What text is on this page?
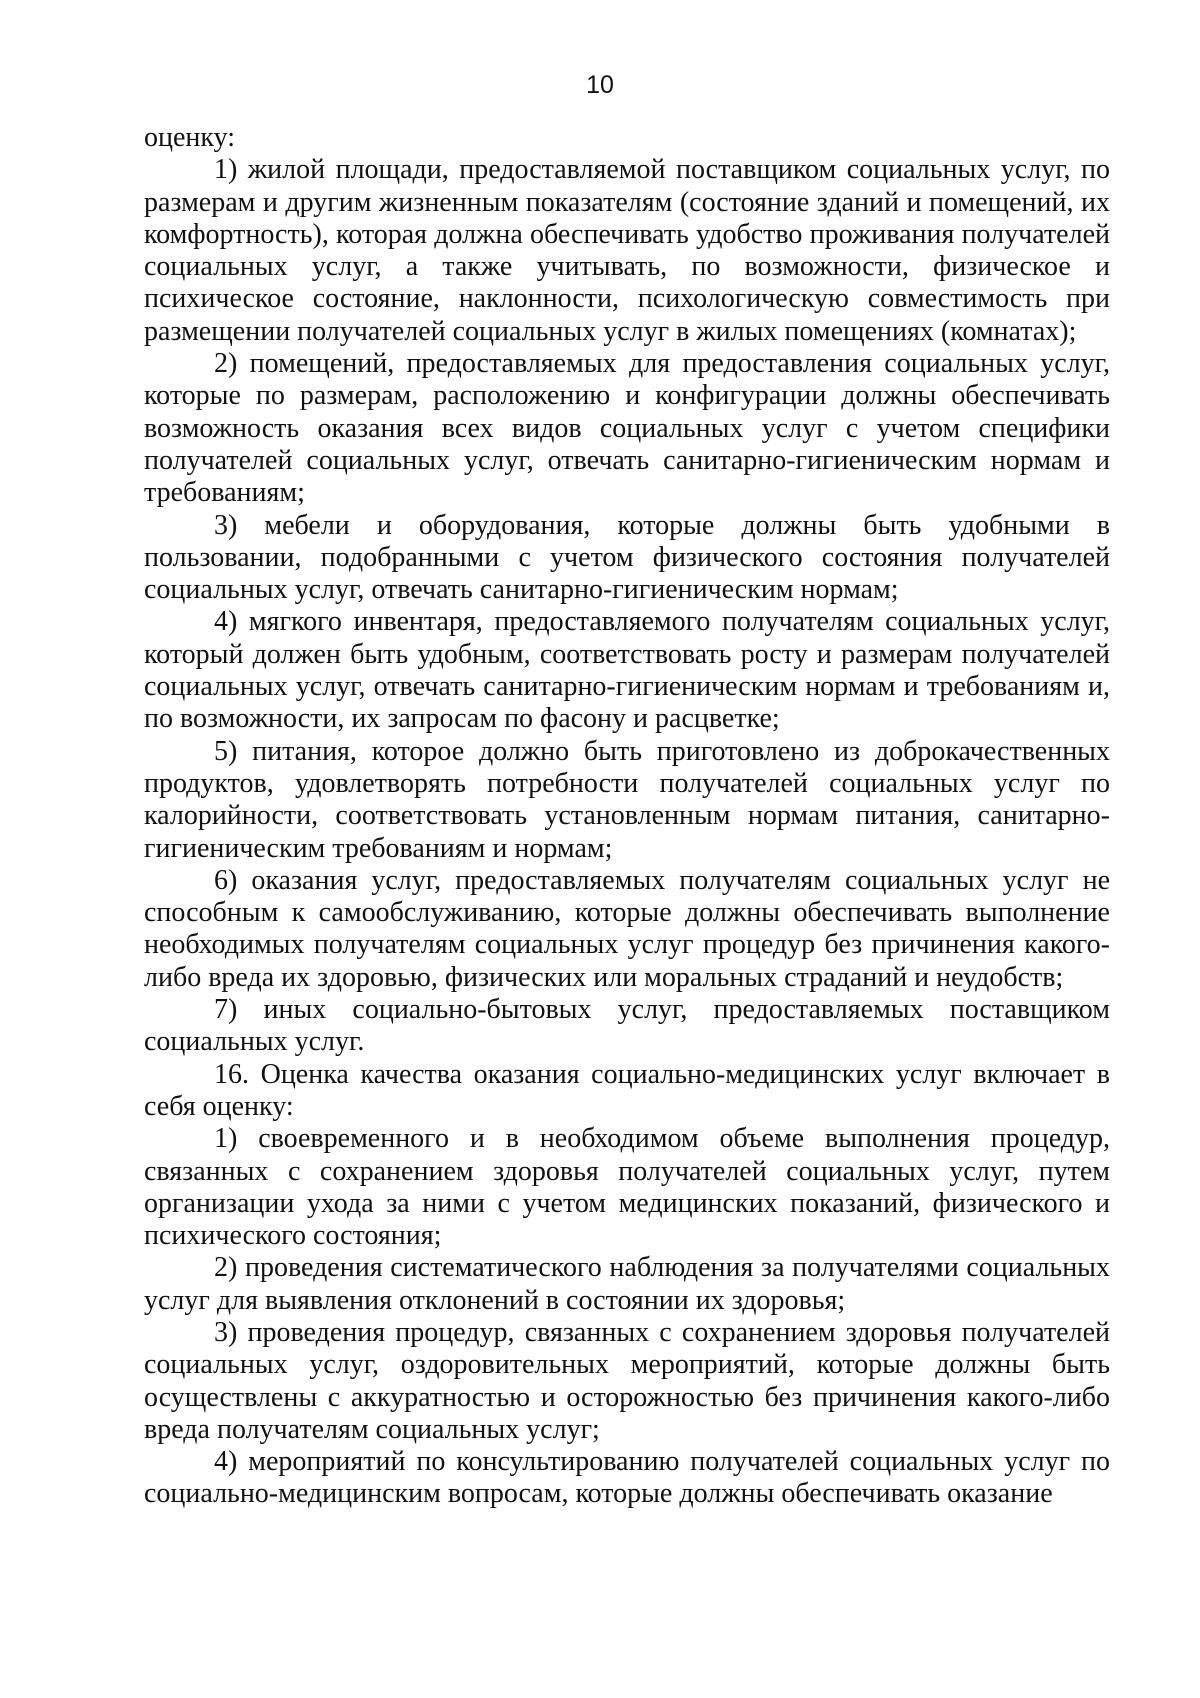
10

оценку:

1) жилой площади, предоставляемой поставщиком социальных услуг, по размерам и другим жизненным показателям (состояние зданий и помещений, их комфортность), которая должна обеспечивать удобство проживания получателей социальных услуг, а также учитывать, по возможности, физическое и психическое состояние, наклонности, психологическую совместимость при размещении получателей социальных услуг в жилых помещениях (комнатах);

2) помещений, предоставляемых для предоставления социальных услуг, которые по размерам, расположению и конфигурации должны обеспечивать возможность оказания всех видов социальных услуг с учетом специфики получателей социальных услуг, отвечать санитарно-гигиеническим нормам и требованиям;

3) мебели и оборудования, которые должны быть удобными в пользовании, подобранными с учетом физического состояния получателей социальных услуг, отвечать санитарно-гигиеническим нормам;

4) мягкого инвентаря, предоставляемого получателям социальных услуг, который должен быть удобным, соответствовать росту и размерам получателей социальных услуг, отвечать санитарно-гигиеническим нормам и требованиям и, по возможности, их запросам по фасону и расцветке;

5) питания, которое должно быть приготовлено из доброкачественных продуктов, удовлетворять потребности получателей социальных услуг по калорийности, соответствовать установленным нормам питания, санитарно-гигиеническим требованиям и нормам;

6) оказания услуг, предоставляемых получателям социальных услуг не способным к самообслуживанию, которые должны обеспечивать выполнение необходимых получателям социальных услуг процедур без причинения какого-либо вреда их здоровью, физических или моральных страданий и неудобств;

7) иных социально-бытовых услуг, предоставляемых поставщиком социальных услуг.

16. Оценка качества оказания социально-медицинских услуг включает в себя оценку:

1) своевременного и в необходимом объеме выполнения процедур, связанных с сохранением здоровья получателей социальных услуг, путем организации ухода за ними с учетом медицинских показаний, физического и психического состояния;

2) проведения систематического наблюдения за получателями социальных услуг для выявления отклонений в состоянии их здоровья;

3) проведения процедур, связанных с сохранением здоровья получателей социальных услуг, оздоровительных мероприятий, которые должны быть осуществлены с аккуратностью и осторожностью без причинения какого-либо вреда получателям социальных услуг;

4) мероприятий по консультированию получателей социальных услуг по социально-медицинским вопросам, которые должны обеспечивать оказание
